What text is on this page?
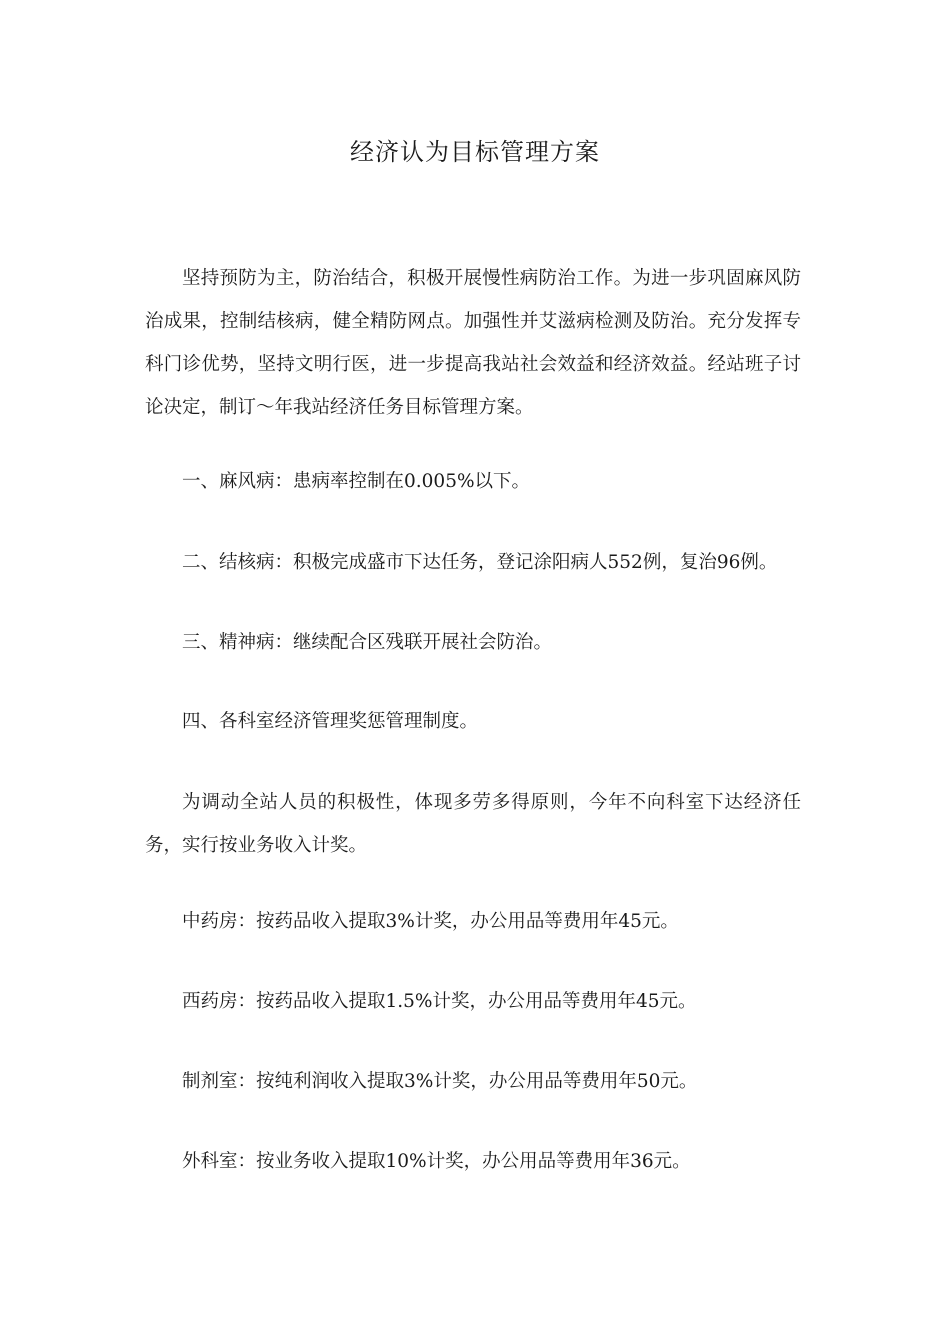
经济认为目标管理方案

坚持预防为主，防治结合，积极开展慢性病防治工作。为进一步巩固麻风防治成果，控制结核病，健全精防网点。加强性并艾滋病检测及防治。充分发挥专科门诊优势，坚持文明行医，进一步提高我站社会效益和经济效益。经站班子讨论决定，制订～年我站经济任务目标管理方案。

一、麻风病：患病率控制在0.005%以下。

二、结核病：积极完成盛市下达任务，登记涂阳病人552例，复治96例。

三、精神病：继续配合区残联开展社会防治。

四、各科室经济管理奖惩管理制度。

为调动全站人员的积极性，体现多劳多得原则，今年不向科室下达经济任务，实行按业务收入计奖。

中药房：按药品收入提取3%计奖，办公用品等费用年45元。

西药房：按药品收入提取1.5%计奖，办公用品等费用年45元。

制剂室：按纯利润收入提取3%计奖，办公用品等费用年50元。

外科室：按业务收入提取10%计奖，办公用品等费用年36元。
